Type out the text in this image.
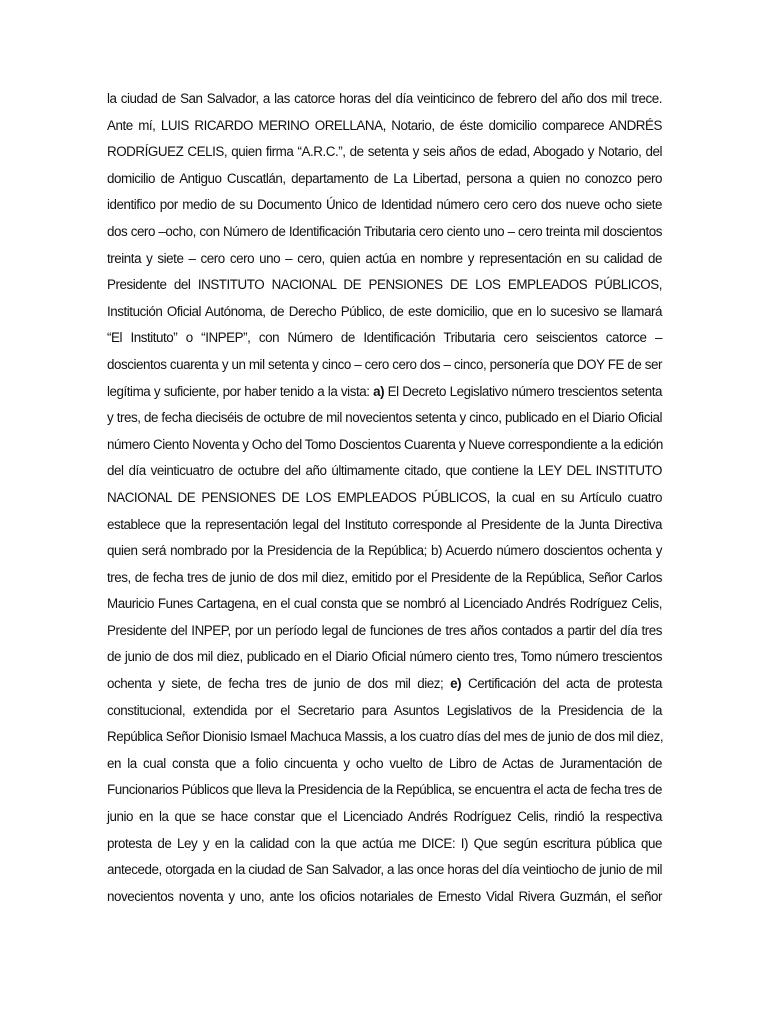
la ciudad de San Salvador, a las catorce horas del día veinticinco de febrero del año dos mil trece.
Ante mí, LUIS RICARDO MERINO ORELLANA, Notario, de éste domicilio comparece ANDRÉS
RODRÍGUEZ CELIS, quien firma “A.R.C.”, de setenta y seis años de edad, Abogado y Notario, del
domicilio de Antiguo Cuscatlán, departamento de La Libertad, persona a quien no conozco pero
identifico por medio de su Documento Único de Identidad número cero cero dos nueve ocho siete
dos cero –ocho, con Número de Identificación Tributaria cero ciento uno – cero treinta mil doscientos
treinta y siete – cero cero uno – cero, quien actúa en nombre y representación en su calidad de
Presidente del INSTITUTO NACIONAL DE PENSIONES DE LOS EMPLEADOS PÚBLICOS,
Institución Oficial Autónoma, de Derecho Público, de este domicilio, que en lo sucesivo se llamará
“El Instituto” o “INPEP”, con Número de Identificación Tributaria cero seiscientos catorce –
doscientos cuarenta y un mil setenta y cinco – cero cero dos – cinco, personería que DOY FE de ser
legítima y suficiente, por haber tenido a la vista: a) El Decreto Legislativo número trescientos setenta
y tres, de fecha dieciséis de octubre de mil novecientos setenta y cinco, publicado en el Diario Oficial
número Ciento Noventa y Ocho del Tomo Doscientos Cuarenta y Nueve correspondiente a la edición
del día veinticuatro de octubre del año últimamente citado, que contiene la LEY DEL INSTITUTO
NACIONAL DE PENSIONES DE LOS EMPLEADOS PÚBLICOS, la cual en su Artículo cuatro
establece que la representación legal del Instituto corresponde al Presidente de la Junta Directiva
quien será nombrado por la Presidencia de la República; b) Acuerdo número doscientos ochenta y
tres, de fecha tres de junio de dos mil diez, emitido por el Presidente de la República, Señor Carlos
Mauricio Funes Cartagena, en el cual consta que se nombró al Licenciado Andrés Rodríguez Celis,
Presidente del INPEP, por un período legal de funciones de tres años contados a partir del día tres
de junio de dos mil diez, publicado en el Diario Oficial número ciento tres, Tomo número trescientos
ochenta y siete, de fecha tres de junio de dos mil diez; e) Certificación del acta de protesta
constitucional, extendida por el Secretario para Asuntos Legislativos de la Presidencia de la
República Señor Dionisio Ismael Machuca Massis, a los cuatro días del mes de junio de dos mil diez,
en la cual consta que a folio cincuenta y ocho vuelto de Libro de Actas de Juramentación de
Funcionarios Públicos que lleva la Presidencia de la República, se encuentra el acta de fecha tres de
junio en la que se hace constar que el Licenciado Andrés Rodríguez Celis, rindió la respectiva
protesta de Ley y en la calidad con la que actúa me DICE: I) Que según escritura pública que
antecede, otorgada en la ciudad de San Salvador, a las once horas del día veintiocho de junio de mil
novecientos noventa y uno, ante los oficios notariales de Ernesto Vidal Rivera Guzmán, el señor
